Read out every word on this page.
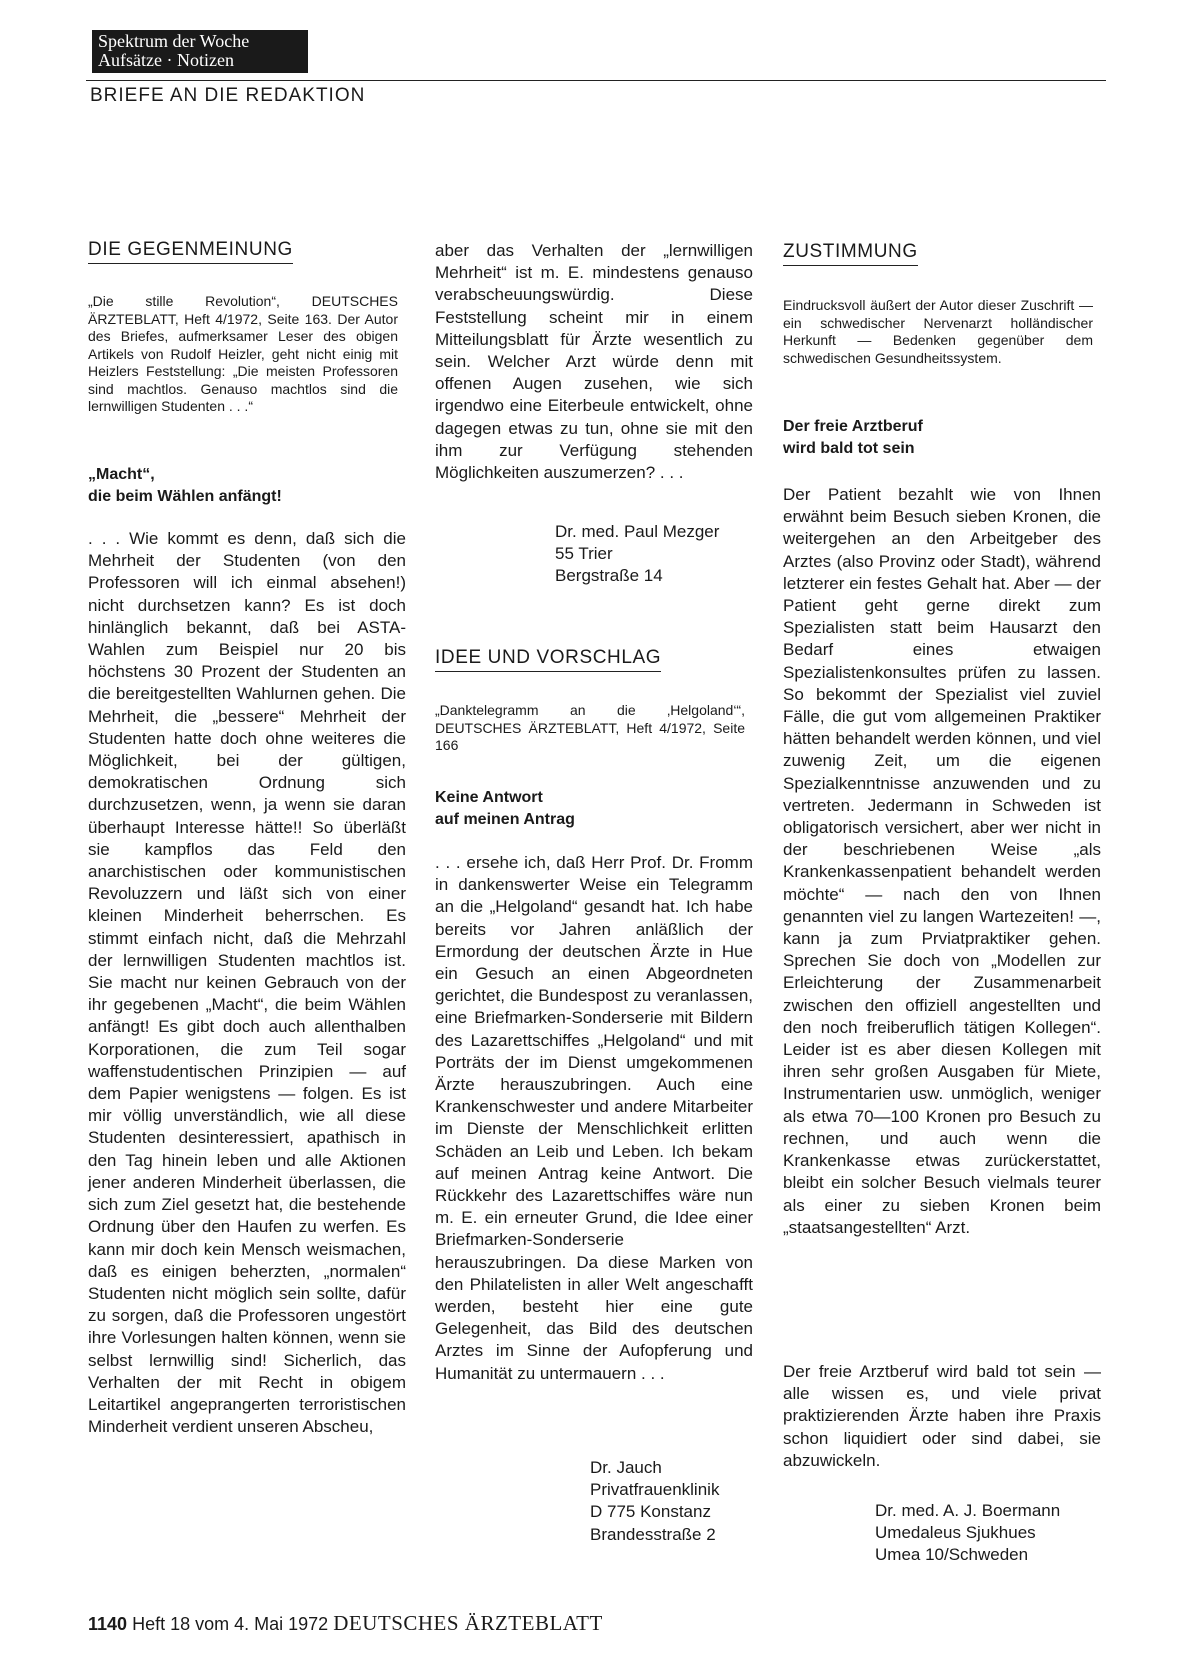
Spektrum der Woche
Aufsätze · Notizen
BRIEFE AN DIE REDAKTION
DIE GEGENMEINUNG
„Die stille Revolution“, DEUTSCHES ÄRZTEBLATT, Heft 4/1972, Seite 163. Der Autor des Briefes, aufmerksamer Leser des obigen Artikels von Rudolf Heizler, geht nicht einig mit Heizlers Feststellung: „Die meisten Professoren sind machtlos. Genauso machtlos sind die lernwilligen Studenten . . .“
„Macht“,
die beim Wählen anfängt!

. . . Wie kommt es denn, daß sich die Mehrheit der Studenten (von den Professoren will ich einmal absehen!) nicht durchsetzen kann? Es ist doch hinlänglich bekannt, daß bei ASTA-Wahlen zum Beispiel nur 20 bis höchstens 30 Prozent der Studenten an die bereitgestellten Wahlurnen gehen. Die Mehrheit, die „bessere“ Mehrheit der Studenten hatte doch ohne weiteres die Möglichkeit, bei der gültigen, demokratischen Ordnung sich durchzusetzen, wenn, ja wenn sie daran überhaupt Interesse hätte!! So überläßt sie kampflos das Feld den anarchistischen oder kommunistischen Revoluzzern und läßt sich von einer kleinen Minderheit beherrschen. Es stimmt einfach nicht, daß die Mehrzahl der lernwilligen Studenten machtlos ist. Sie macht nur keinen Gebrauch von der ihr gegebenen „Macht“, die beim Wählen anfängt! Es gibt doch auch allenthalben Korporationen, die zum Teil sogar waffenstudentischen Prinzipien — auf dem Papier wenigstens — folgen. Es ist mir völlig unverständlich, wie all diese Studenten desinteressiert, apathisch in den Tag hinein leben und alle Aktionen jener anderen Minderheit überlassen, die sich zum Ziel gesetzt hat, die bestehende Ordnung über den Haufen zu werfen. Es kann mir doch kein Mensch weismachen, daß es einigen beherzten, „normalen“ Studenten nicht möglich sein sollte, dafür zu sorgen, daß die Professoren ungestört ihre Vorlesungen halten können, wenn sie selbst lernwillig sind! Sicherlich, das Verhalten der mit Recht in obigem Leitartikel angeprangerten terroristischen Minderheit verdient unseren Abscheu,

aber das Verhalten der „lernwilligen Mehrheit“ ist m. E. mindestens genauso verabscheuungswürdig. Diese Feststellung scheint mir in einem Mitteilungsblatt für Ärzte wesentlich zu sein. Welcher Arzt würde denn mit offenen Augen zusehen, wie sich irgendwo eine Eiterbeule entwickelt, ohne dagegen etwas zu tun, ohne sie mit den ihm zur Verfügung stehenden Möglichkeiten auszumerzen? . . .

Dr. med. Paul Mezger
55 Trier
Bergstraße 14
IDEE UND VORSCHLAG
„Danktelegramm an die ‚Helgoland‘“, DEUTSCHES ÄRZTEBLATT, Heft 4/1972, Seite 166
Keine Antwort
auf meinen Antrag

. . . ersehe ich, daß Herr Prof. Dr. Fromm in dankenswerter Weise ein Telegramm an die „Helgoland“ gesandt hat. Ich habe bereits vor Jahren anläßlich der Ermordung der deutschen Ärzte in Hue ein Gesuch an einen Abgeordneten gerichtet, die Bundespost zu veranlassen, eine Briefmarken-Sonderserie mit Bildern des Lazarettschiffes „Helgoland“ und mit Porträts der im Dienst umgekommenen Ärzte herauszubringen. Auch eine Krankenschwester und andere Mitarbeiter im Dienste der Menschlichkeit erlitten Schäden an Leib und Leben. Ich bekam auf meinen Antrag keine Antwort. Die Rückkehr des Lazarettschiffes wäre nun m. E. ein erneuter Grund, die Idee einer Briefmarken-Sonderserie herauszubringen. Da diese Marken von den Philatelisten in aller Welt angeschafft werden, besteht hier eine gute Gelegenheit, das Bild des deutschen Arztes im Sinne der Aufopferung und Humanität zu untermauern . . .

Dr. Jauch
Privatfrauenklinik
D 775 Konstanz
Brandesstraße 2
ZUSTIMMUNG
Eindrucksvoll äußert der Autor dieser Zuschrift — ein schwedischer Nervenarzt holländischer Herkunft — Bedenken gegenüber dem schwedischen Gesundheitssystem.
Der freie Arztberuf
wird bald tot sein

Der Patient bezahlt wie von Ihnen erwähnt beim Besuch sieben Kronen, die weitergehen an den Arbeitgeber des Arztes (also Provinz oder Stadt), während letzterer ein festes Gehalt hat. Aber — der Patient geht gerne direkt zum Spezialisten statt beim Hausarzt den Bedarf eines etwaigen Spezialistenkonsultes prüfen zu lassen. So bekommt der Spezialist viel zuviel Fälle, die gut vom allgemeinen Praktiker hätten behandelt werden können, und viel zuwenig Zeit, um die eigenen Spezialkenntnisse anzuwenden und zu vertreten. Jedermann in Schweden ist obligatorisch versichert, aber wer nicht in der beschriebenen Weise „als Krankenkassenpatient behandelt werden möchte“ — nach den von Ihnen genannten viel zu langen Wartezeiten! —, kann ja zum Prviatpraktiker gehen. Sprechen Sie doch von „Modellen zur Erleichterung der Zusammenarbeit zwischen den offiziell angestellten und den noch freiberuflich tätigen Kollegen“. Leider ist es aber diesen Kollegen mit ihren sehr großen Ausgaben für Miete, Instrumentarien usw. unmöglich, weniger als etwa 70—100 Kronen pro Besuch zu rechnen, und auch wenn die Krankenkasse etwas zurückerstattet, bleibt ein solcher Besuch vielmals teurer als einer zu sieben Kronen beim „staatsangestellten“ Arzt.

Der freie Arztberuf wird bald tot sein — alle wissen es, und viele privat praktizierenden Ärzte haben ihre Praxis schon liquidiert oder sind dabei, sie abzuwickeln.

Dr. med. A. J. Boermann
Umedaleus Sjukhues
Umea 10/Schweden
1140 Heft 18 vom 4. Mai 1972 DEUTSCHES ÄRZTEBLATT
